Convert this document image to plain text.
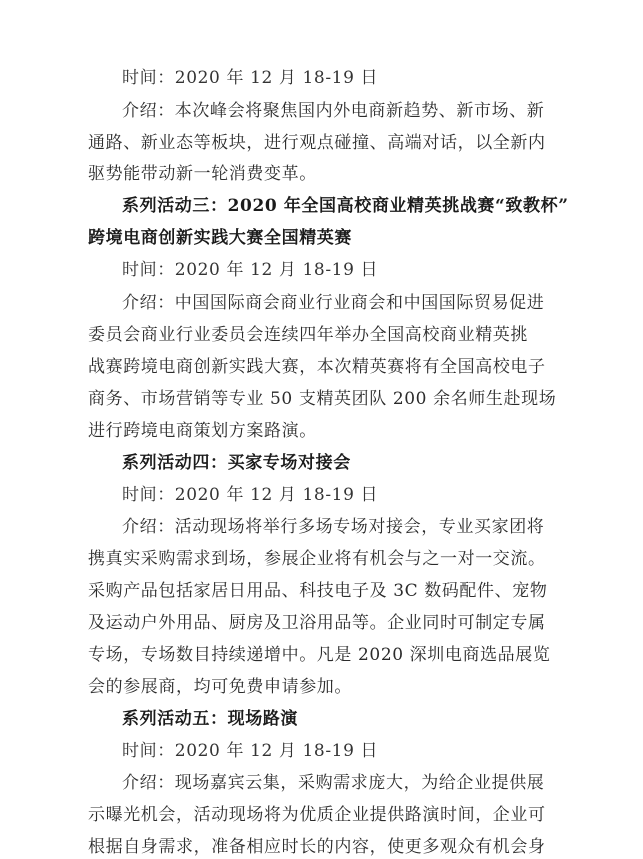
时间：2020 年 12 月 18-19 日
介绍：本次峰会将聚焦国内外电商新趋势、新市场、新
通路、新业态等板块，进行观点碰撞、高端对话，以全新内
驱势能带动新一轮消费变革。
系列活动三：2020 年全国高校商业精英挑战赛“致教杯”
跨境电商创新实践大赛全国精英赛
时间：2020 年 12 月 18-19 日
介绍：中国国际商会商业行业商会和中国国际贸易促进
委员会商业行业委员会连续四年举办全国高校商业精英挑
战赛跨境电商创新实践大赛，本次精英赛将有全国高校电子
商务、市场营销等专业 50 支精英团队 200 余名师生赴现场
进行跨境电商策划方案路演。
系列活动四：买家专场对接会
时间：2020 年 12 月 18-19 日
介绍：活动现场将举行多场专场对接会，专业买家团将
携真实采购需求到场，参展企业将有机会与之一对一交流。
采购产品包括家居日用品、科技电子及 3C 数码配件、宠物
及运动户外用品、厨房及卫浴用品等。企业同时可制定专属
专场，专场数目持续递增中。凡是 2020 深圳电商选品展览
会的参展商，均可免费申请参加。
系列活动五：现场路演
时间：2020 年 12 月 18-19 日
介绍：现场嘉宾云集，采购需求庞大，为给企业提供展
示曝光机会，活动现场将为优质企业提供路演时间，企业可
根据自身需求，准备相应时长的内容，使更多观众有机会身
